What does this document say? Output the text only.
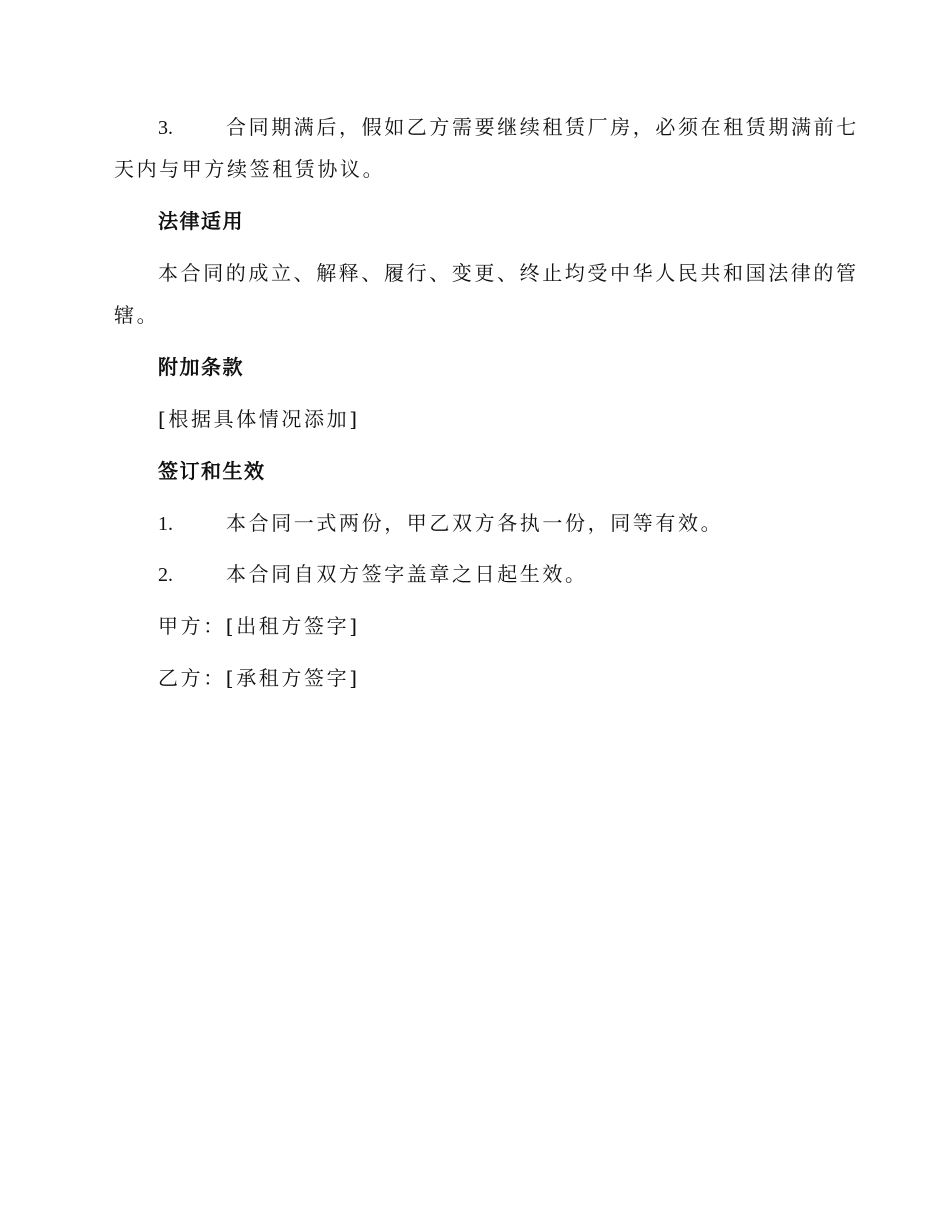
3.	合同期满后，假如乙方需要继续租赁厂房，必须在租赁期满前七
天内与甲方续签租赁协议。
法律适用
本合同的成立、解释、履行、变更、终止均受中华人民共和国法律的管
辖。
附加条款
[根据具体情况添加]
签订和生效
1.	本合同一式两份，甲乙双方各执一份，同等有效。
2.	本合同自双方签字盖章之日起生效。
甲方：[出租方签字]
乙方：[承租方签字]
